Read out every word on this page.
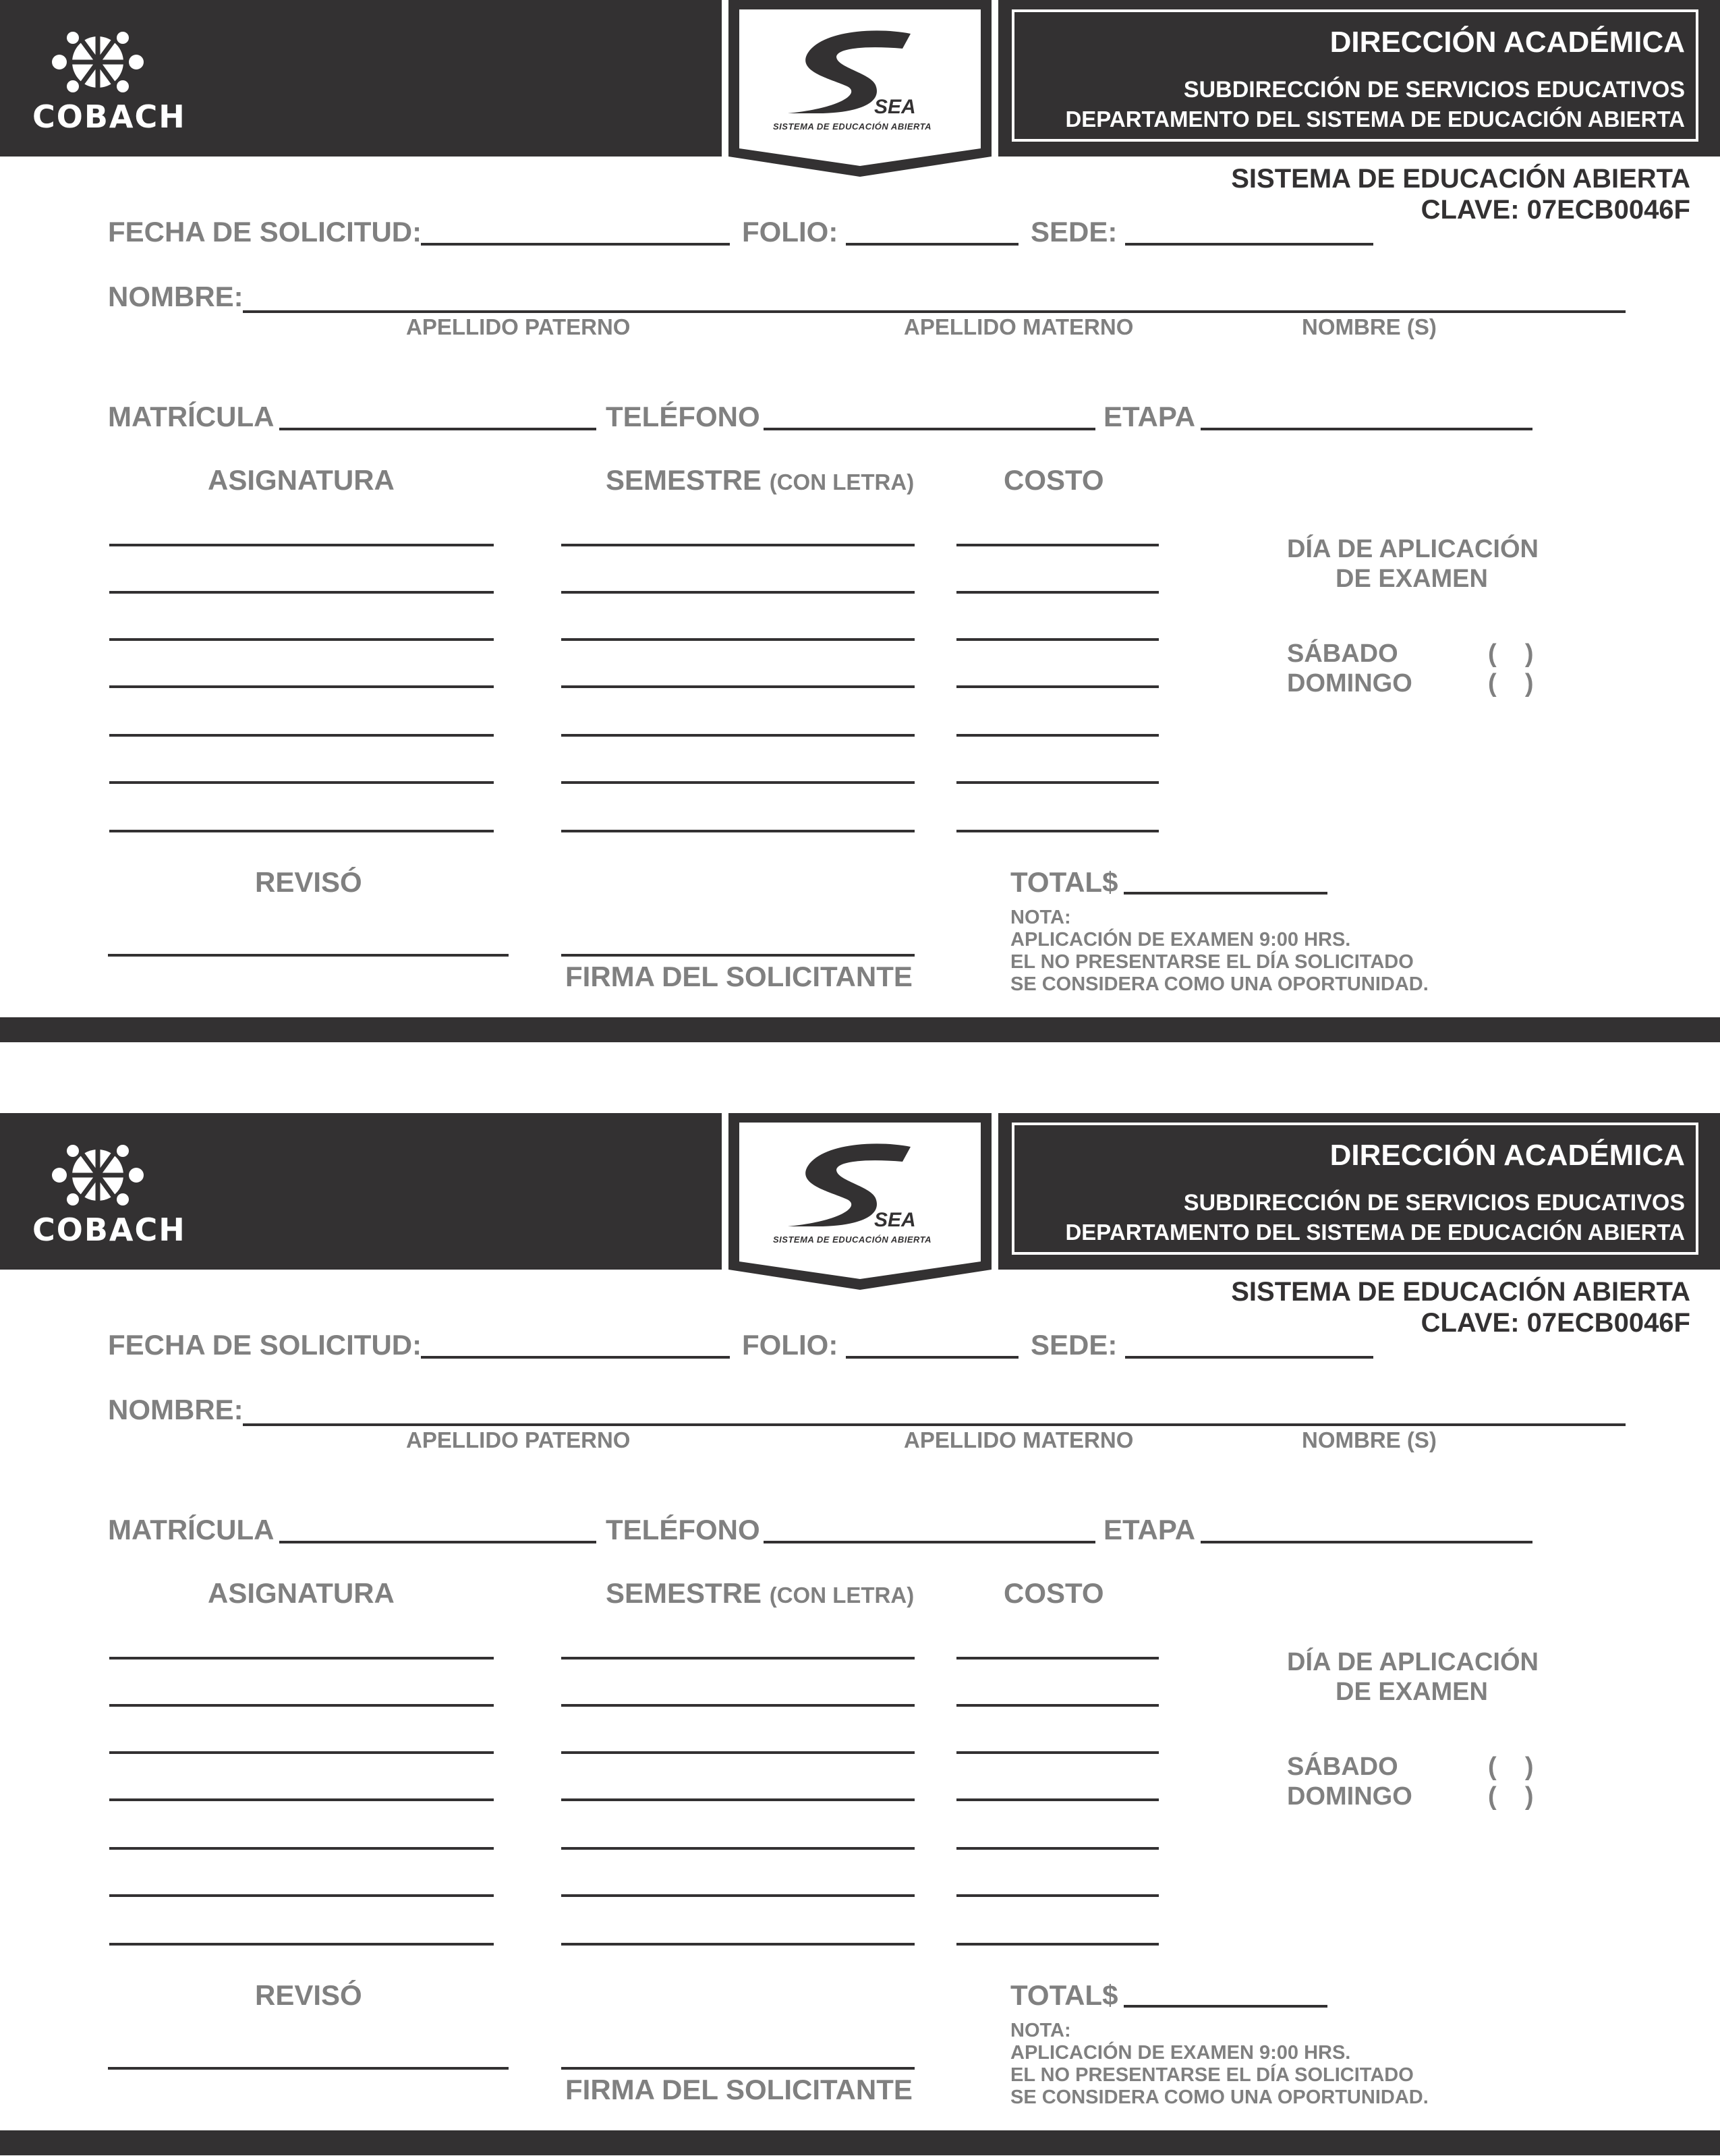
COBACH	SEA
SISTEMA DE EDUCACIÓN ABIERTA
DIRECCIÓN ACADÉMICA
SUBDIRECCIÓN DE SERVICIOS EDUCATIVOS
DEPARTAMENTO DEL SISTEMA DE EDUCACIÓN ABIERTA
SISTEMA DE EDUCACIÓN ABIERTA
CLAVE: 07ECB0046F
FECHA DE SOLICITUD:	FOLIO:	SEDE:
NOMBRE:
APELLIDO PATERNO	APELLIDO MATERNO	NOMBRE (S)
MATRÍCULA	TELÉFONO	ETAPA
ASIGNATURA	SEMESTRE (CON LETRA)	COSTO
DÍA DE APLICACIÓN
DE EXAMEN
SÁBADO	(    )
DOMINGO	(    )
REVISÓ
FIRMA DEL SOLICITANTE
TOTAL$
NOTA:
APLICACIÓN DE EXAMEN 9:00 HRS.
EL NO PRESENTARSE EL DÍA SOLICITADO
SE CONSIDERA COMO UNA OPORTUNIDAD.
COBACH	SEA
SISTEMA DE EDUCACIÓN ABIERTA
DIRECCIÓN ACADÉMICA
SUBDIRECCIÓN DE SERVICIOS EDUCATIVOS
DEPARTAMENTO DEL SISTEMA DE EDUCACIÓN ABIERTA
SISTEMA DE EDUCACIÓN ABIERTA
CLAVE: 07ECB0046F
FECHA DE SOLICITUD:	FOLIO:	SEDE:
NOMBRE:
APELLIDO PATERNO	APELLIDO MATERNO	NOMBRE (S)
MATRÍCULA	TELÉFONO	ETAPA
ASIGNATURA	SEMESTRE (CON LETRA)	COSTO
DÍA DE APLICACIÓN
DE EXAMEN
SÁBADO	(    )
DOMINGO	(    )
REVISÓ
FIRMA DEL SOLICITANTE
TOTAL$
NOTA:
APLICACIÓN DE EXAMEN 9:00 HRS.
EL NO PRESENTARSE EL DÍA SOLICITADO
SE CONSIDERA COMO UNA OPORTUNIDAD.
